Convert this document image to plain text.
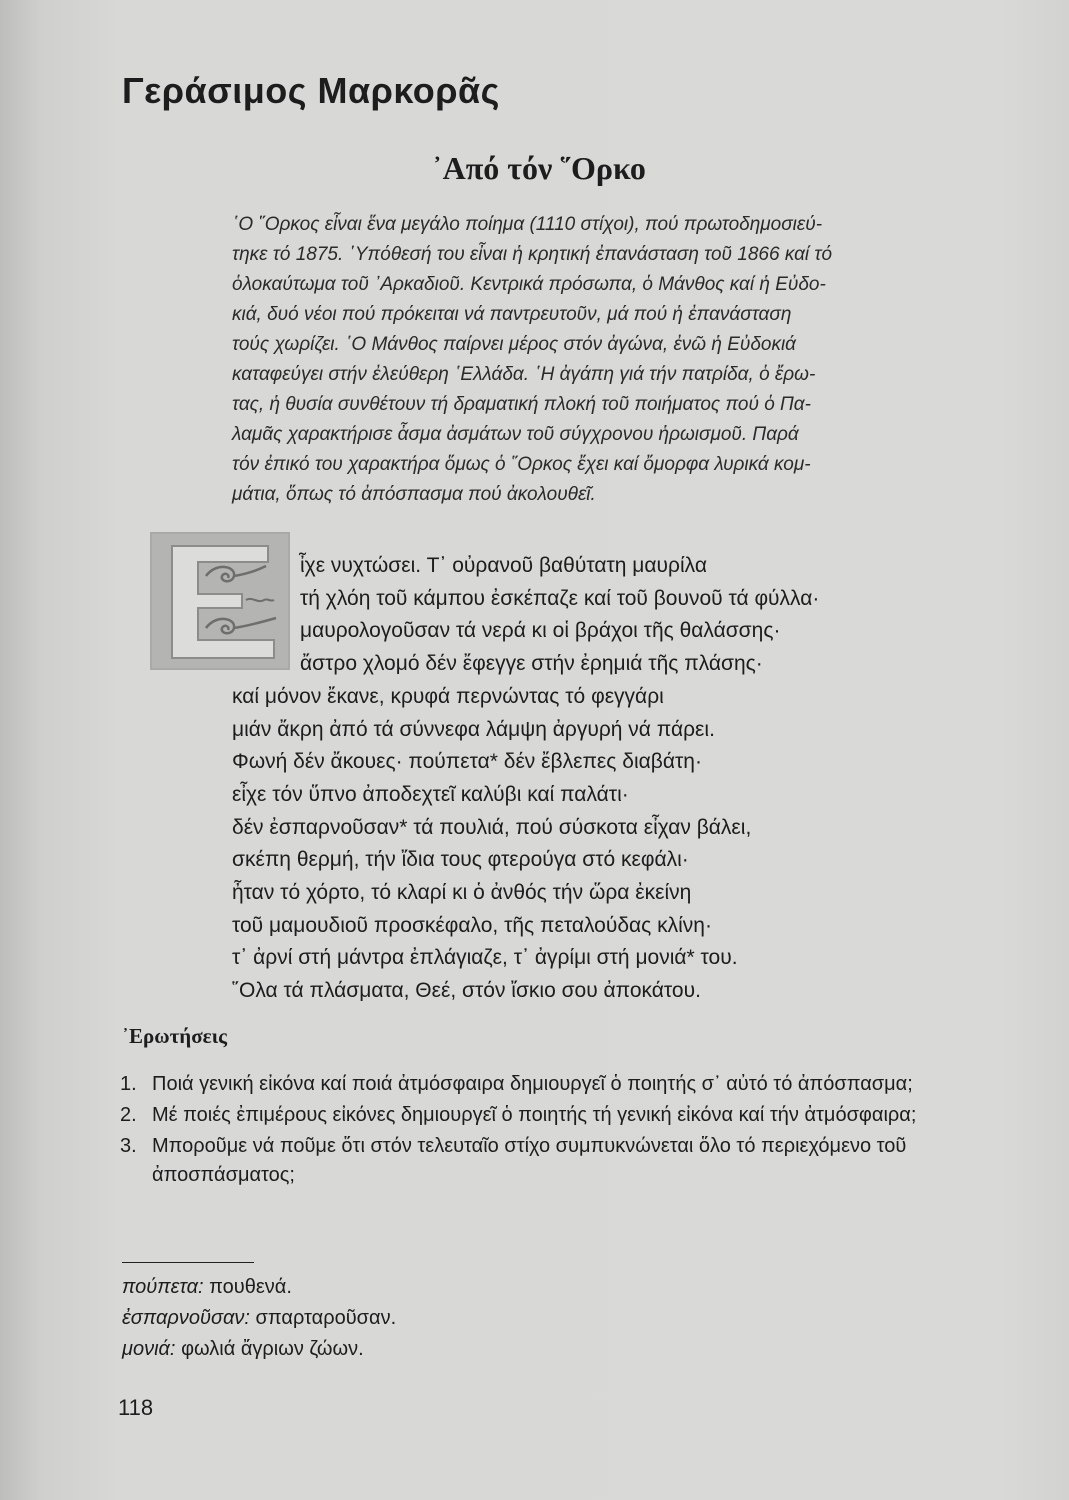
Γεράσιμος Μαρκορᾶς
᾿Από τόν ῞Ορκο
῾Ο ῞Ορκος εἶναι ἕνα μεγάλο ποίημα (1110 στίχοι), πού πρωτοδημοσιεύ-
τηκε τό 1875. ῾Υπόθεσή του εἶναι ἡ κρητική ἐπανάσταση τοῦ 1866 καί τό
ὁλοκαύτωμα τοῦ ᾿Αρκαδιοῦ. Κεντρικά πρόσωπα, ὁ Μάνθος καί ἡ Εὐδο-
κιά, δυό νέοι πού πρόκειται νά παντρευτοῦν, μά πού ἡ ἐπανάσταση
τούς χωρίζει. ῾Ο Μάνθος παίρνει μέρος στόν ἀγώνα, ἐνῶ ἡ Εὐδοκιά
καταφεύγει στήν ἐλεύθερη ῾Ελλάδα. ῾Η ἀγάπη γιά τήν πατρίδα, ὁ ἔρω-
τας, ἡ θυσία συνθέτουν τή δραματική πλοκή τοῦ ποιήματος πού ὁ Πα-
λαμᾶς χαρακτήρισε ἆσμα ἀσμάτων τοῦ σύγχρονου ἡρωισμοῦ. Παρά
τόν ἐπικό του χαρακτήρα ὅμως ὁ ῞Ορκος ἔχει καί ὄμορφα λυρικά κομ-
μάτια, ὅπως τό ἀπόσπασμα πού ἀκολουθεῖ.
ἶχε νυχτώσει. Τ᾿ οὐρανοῦ βαθύτατη μαυρίλα
τή χλόη τοῦ κάμπου ἐσκέπαζε καί τοῦ βουνοῦ τά φύλλα·
μαυρολογοῦσαν τά νερά κι οἱ βράχοι τῆς θαλάσσης·
ἄστρο χλομό δέν ἔφεγγε στήν ἐρημιά τῆς πλάσης·
καί μόνον ἔκανε, κρυφά περνώντας τό φεγγάρι
μιάν ἄκρη ἀπό τά σύννεφα λάμψη ἀργυρή νά πάρει.
Φωνή δέν ἄκουες· πούπετα* δέν ἔβλεπες διαβάτη·
εἶχε τόν ὕπνο ἀποδεχτεῖ καλύβι καί παλάτι·
δέν ἐσπαρνοῦσαν* τά πουλιά, πού σύσκοτα εἶχαν βάλει,
σκέπη θερμή, τήν ἴδια τους φτερούγα στό κεφάλι·
ἦταν τό χόρτο, τό κλαρί κι ὁ ἀνθός τήν ὥρα ἐκείνη
τοῦ μαμουδιοῦ προσκέφαλο, τῆς πεταλούδας κλίνη·
τ᾿ ἀρνί στή μάντρα ἐπλάγιαζε, τ᾿ ἀγρίμι στή μονιά* του.
῞Ολα τά πλάσματα, Θεέ, στόν ἴσκιο σου ἀποκάτου.
᾿Ερωτήσεις
1. Ποιά γενική εἰκόνα καί ποιά ἀτμόσφαιρα δημιουργεῖ ὁ ποιητής σ᾿ αὐτό τό ἀπόσπασμα;
2. Μέ ποιές ἐπιμέρους εἰκόνες δημιουργεῖ ὁ ποιητής τή γενική εἰκόνα καί τήν ἀτμόσφαιρα;
3. Μποροῦμε νά ποῦμε ὅτι στόν τελευταῖο στίχο συμπυκνώνεται ὅλο τό περιεχόμενο τοῦ ἀποσπάσματος;
πούπετα: πουθενά.
ἐσπαρνοῦσαν: σπαρταροῦσαν.
μονιά: φωλιά ἄγριων ζώων.
118
